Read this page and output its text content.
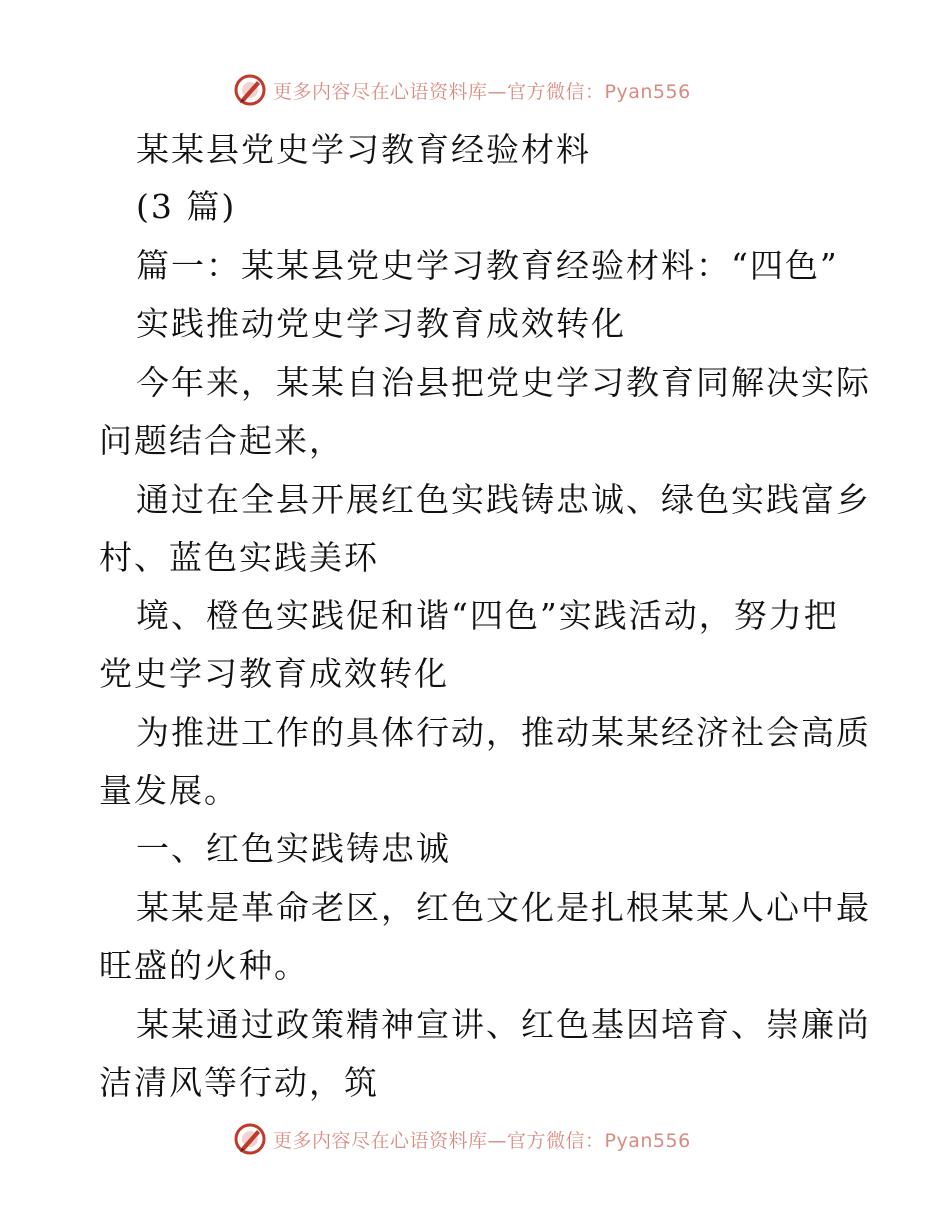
更多内容尽在心语资料库—官方微信：Pyan556
某某县党史学习教育经验材料
(3 篇)
篇一：某某县党史学习教育经验材料：“四色”
实践推动党史学习教育成效转化
今年来，某某自治县把党史学习教育同解决实际
问题结合起来，
通过在全县开展红色实践铸忠诚、绿色实践富乡
村、蓝色实践美环
境、橙色实践促和谐“四色”实践活动，努力把
党史学习教育成效转化
为推进工作的具体行动，推动某某经济社会高质
量发展。
一、红色实践铸忠诚
某某是革命老区，红色文化是扎根某某人心中最
旺盛的火种。
某某通过政策精神宣讲、红色基因培育、崇廉尚
洁清风等行动，筑
更多内容尽在心语资料库—官方微信：Pyan556
